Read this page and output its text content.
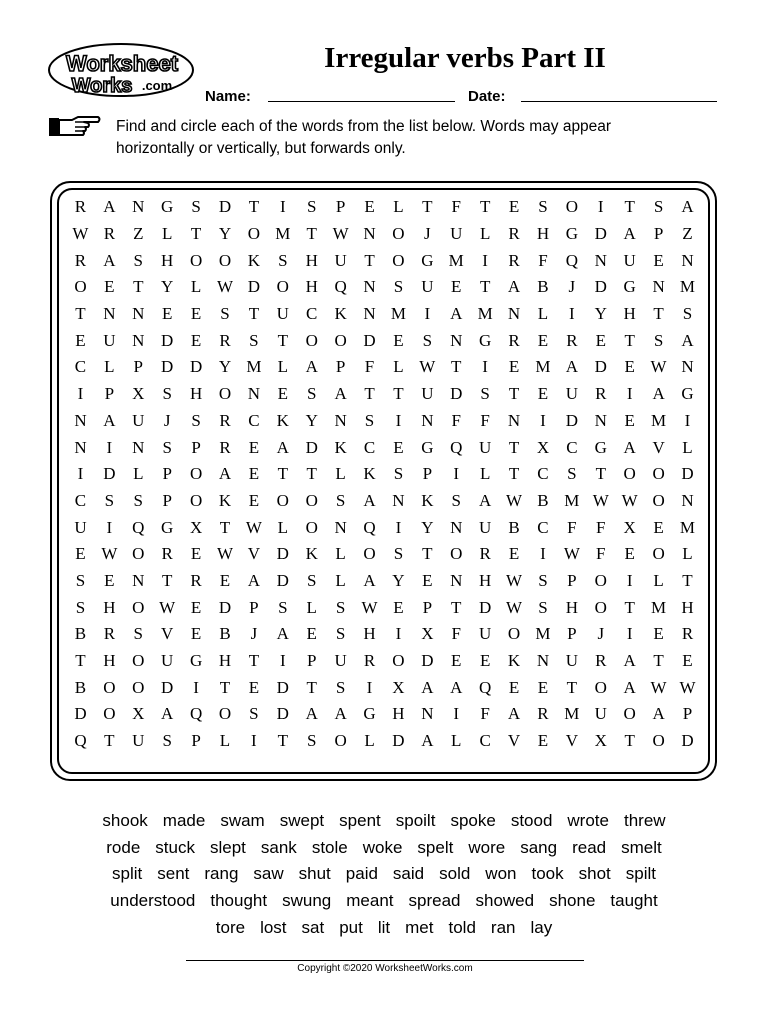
Worksheet
Works .com
Irregular verbs Part II
Name:	Date:
Find and circle each of the words from the list below. Words may appear horizontally or vertically, but forwards only.
R	A N G	S	D	T	I	S	P	E	L	T	F	T	E	S	O	I	T	S	A
W R	Z	L	T	Y O M T W N O	J	U	L	R	H G D A	P	Z
R	A	S	H O O K	S	H U	T	O G M	I	R	F	Q N U	E	N
O	E	T	Y	L W D O H Q N	S	U	E	T	A	B	J	D G N M
T	N N	E	E	S	T	U	C	K N M	I	A M N	L	I	Y H	T	S
E	U N D	E	R	S	T	O O D	E	S	N G	R	E	R	E	T	S	A
C	L	P	D D Y M L	A	P	F	L W T	I	E M A D	E W N
I	P	X	S	H O N	E	S	A	T	T	U D	S	T	E	U	R	I	A G
N A U	J	S	R	C	K Y N	S	I	N	F	F	N	I	D N	E M	I
N	I	N	S	P	R	E	A D K	C	E	G Q U	T	X	C	G A V	L
I	D	L	P	O A	E	T	T	L	K	S	P	I	L	T	C	S	T	O O D
C	S	S	P	O K	E	O O	S	A N K	S	A W B M W W O N
U	I	Q G X	T W L	O N Q	I	Y N U	B	C	F	F	X	E M
E W O	R	E W V D K	L	O	S	T	O	R	E	I	W F	E	O	L
S	E	N	T	R	E	A D	S	L	A Y	E	N H W S	P	O	I	L	T
S	H O W E	D	P	S	L	S W E	P	T	D W S	H O	T M H
B	R	S	V	E	B	J	A	E	S	H	I	X	F	U O M P	J	I	E	R
T	H O U G H	T	I	P	U	R	O D	E	E	K N U	R	A	T	E
B	O O D	I	T	E	D	T	S	I	X A A Q	E	E	T	O A W W
D O X A Q O	S	D A A G H N	I	F	A	R M U O A	P
Q	T	U	S	P	L	I	T	S	O	L	D A	L	C	V	E	V X	T	O D
shook made swam swept spent spoilt spoke stood wrote threw
rode stuck slept sank stole woke spelt wore sang read smelt
split sent rang saw shut paid said sold won took shot spilt
understood thought swung meant spread showed shone taught
tore lost sat put lit met told ran lay
Copyright ©2020 WorksheetWorks.com
